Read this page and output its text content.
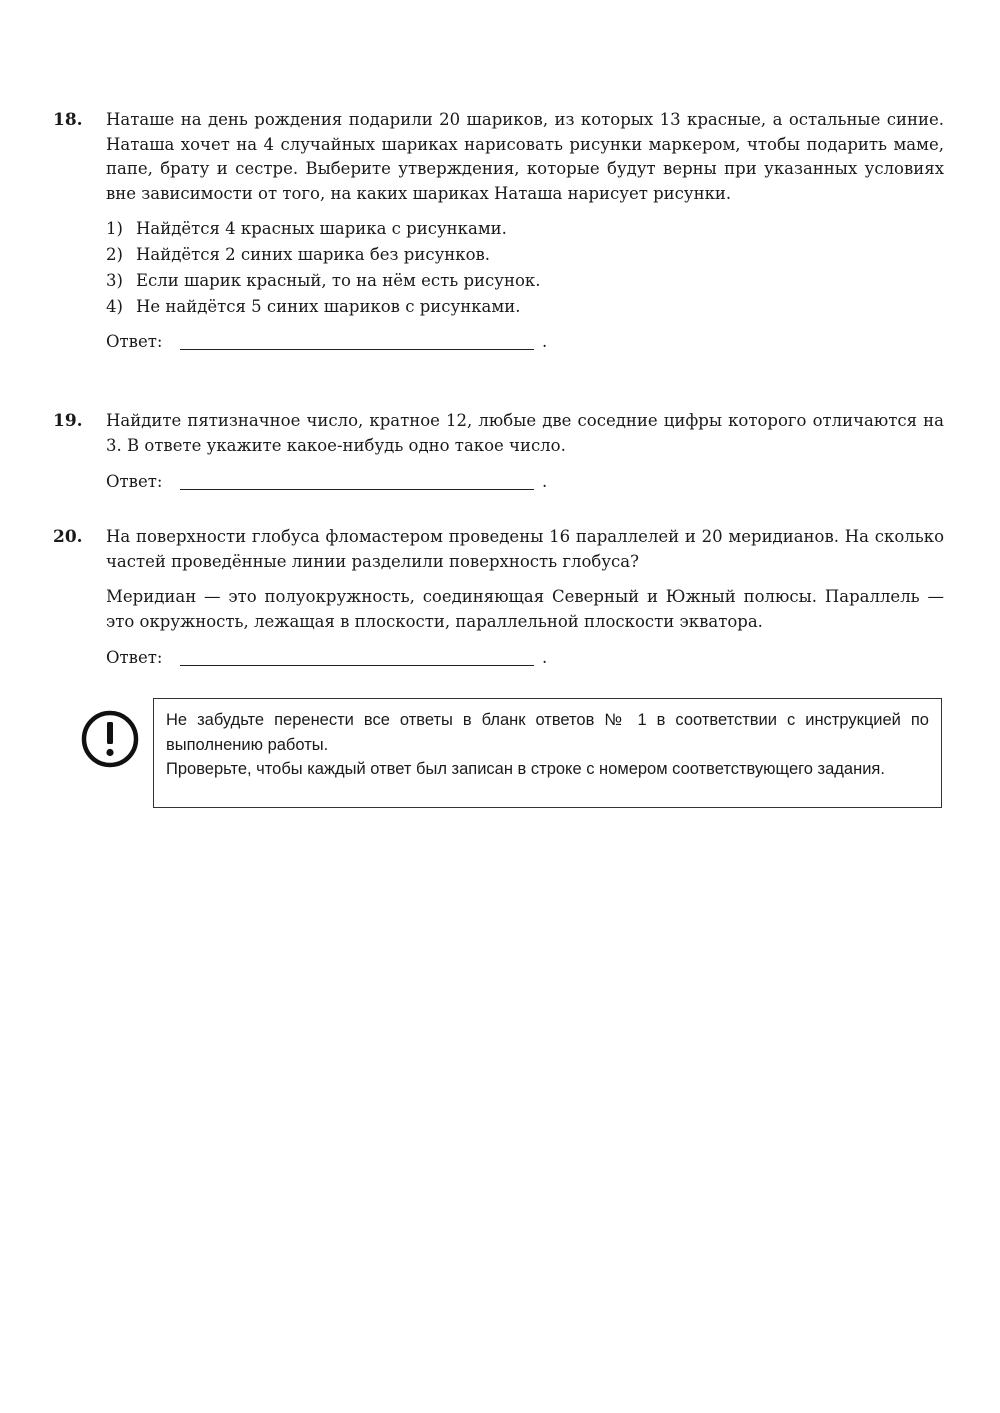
18. Наташе на день рождения подарили 20 шариков, из которых 13 красные, а остальные синие. Наташа хочет на 4 случайных шариках нарисовать рисунки маркером, чтобы подарить маме, папе, брату и сестре. Выберите утверждения, которые будут верны при указанных условиях вне зависимости от того, на каких шариках Наташа нарисует рисунки.

1) Найдётся 4 красных шарика с рисунками.
2) Найдётся 2 синих шарика без рисунков.
3) Если шарик красный, то на нём есть рисунок.
4) Не найдётся 5 синих шариков с рисунками.
Ответ:	.
19. Найдите пятизначное число, кратное 12, любые две соседние цифры которого отличаются на 3. В ответе укажите какое-нибудь одно такое число.

Ответ:	.
20. На поверхности глобуса фломастером проведены 16 параллелей и 20 меридианов. На сколько частей проведённые линии разделили поверхность глобуса?

Меридиан — это полуокружность, соединяющая Северный и Южный полюсы. Параллель — это окружность, лежащая в плоскости, параллельной плоскости экватора.

Ответ:	.

Не забудьте перенести все ответы в бланк ответов № 1 в соответствии с инструкцией по выполнению работы.

Проверьте, чтобы каждый ответ был записан в строке с номером соответствующего задания.
